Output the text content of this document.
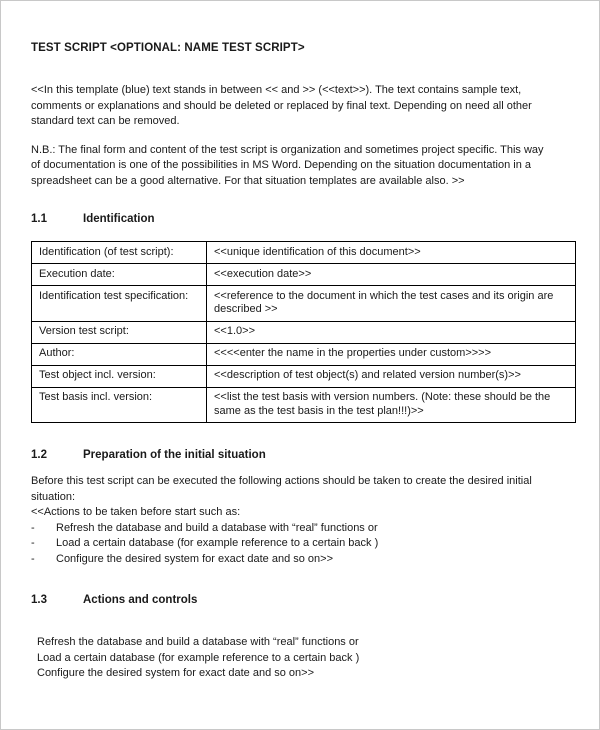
TEST SCRIPT <OPTIONAL: NAME TEST SCRIPT>

<<In this template (blue) text stands in between << and >> (<<text>>). The text contains sample text, comments or explanations and should be deleted or replaced by final text. Depending on need all other standard text can be removed.

N.B.: The final form and content of the test script is organization and sometimes project specific. This way of documentation is one of the possibilities in MS Word. Depending on the situation documentation in a spreadsheet can be a good alternative. For that situation templates are available also. >>

1.1	Identification
Identification (of test script):	<<unique identification of this document>>
Execution date:	<<execution date>>
Identification test specification:	<<reference to the document in which the test cases and its origin are described >>
Version test script:	<<1.0>>
Author:	<<<<enter the name in the properties under custom>>>>
Test object incl. version:	<<description of test object(s) and related version number(s)>>
Test basis incl. version:	<<list the test basis with version numbers. (Note: these should be the same as the test basis in the test plan!!!)>>
1.2	Preparation of the initial situation
Before this test script can be executed the following actions should be taken to create the desired initial situation:
<<Actions to be taken before start such as:
-	Refresh the database and build a database with “real” functions or
-	Load a certain database (for example reference to a certain back )
-	Configure the desired system for exact date and so on>>
1.3	Actions and controls
Refresh the database and build a database with “real” functions or
Load a certain database (for example reference to a certain back )
Configure the desired system for exact date and so on>>
